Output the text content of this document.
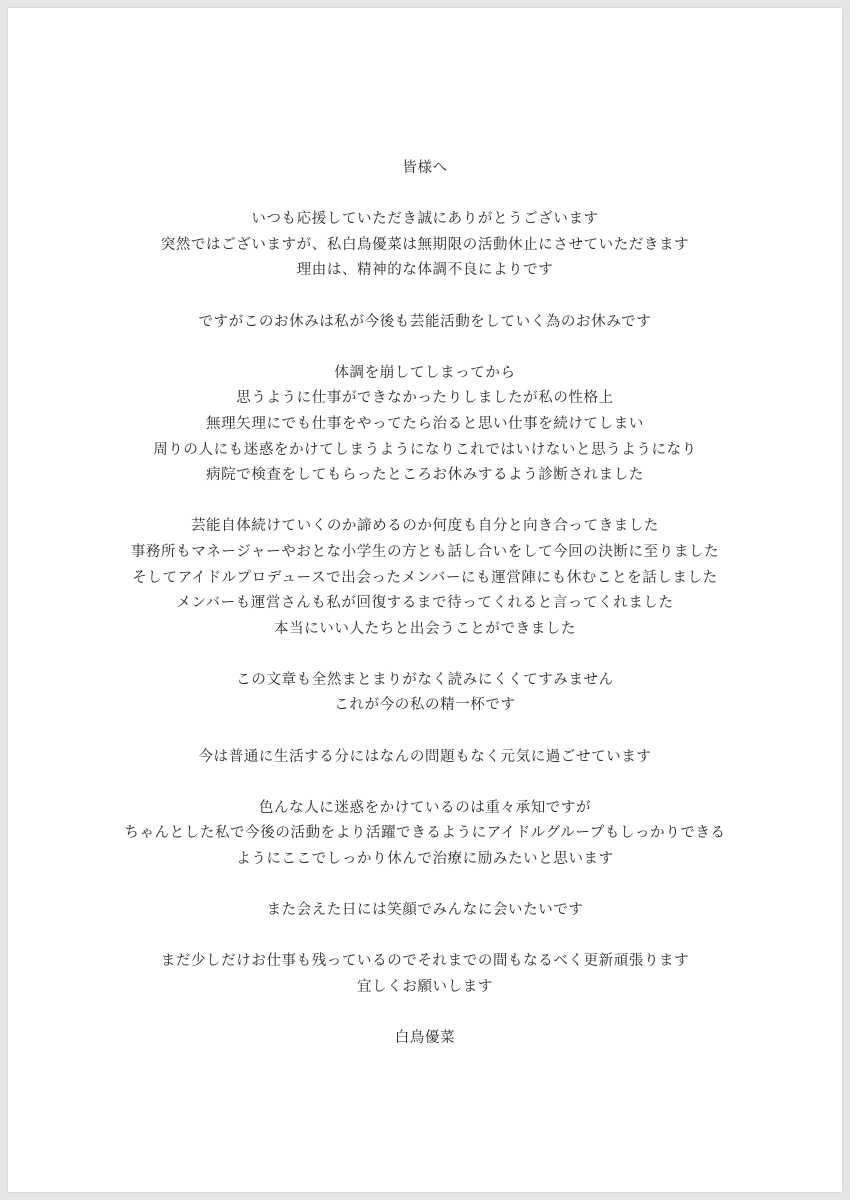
皆様へ
いつも応援していただき誠にありがとうございます
突然ではございますが、私白鳥優菜は無期限の活動休止にさせていただきます
理由は、精神的な体調不良によりです
ですがこのお休みは私が今後も芸能活動をしていく為のお休みです
体調を崩してしまってから
思うように仕事ができなかったりしましたが私の性格上
無理矢理にでも仕事をやってたら治ると思い仕事を続けてしまい
周りの人にも迷惑をかけてしまうようになりこれではいけないと思うようになり
病院で検査をしてもらったところお休みするよう診断されました
芸能自体続けていくのか諦めるのか何度も自分と向き合ってきました
事務所もマネージャーやおとな小学生の方とも話し合いをして今回の決断に至りました
そしてアイドルプロデュースで出会ったメンバーにも運営陣にも休むことを話しました
メンバーも運営さんも私が回復するまで待ってくれると言ってくれました
本当にいい人たちと出会うことができました
この文章も全然まとまりがなく読みにくくてすみません
これが今の私の精一杯です
今は普通に生活する分にはなんの問題もなく元気に過ごせています
色んな人に迷惑をかけているのは重々承知ですが
ちゃんとした私で今後の活動をより活躍できるようにアイドルグループもしっかりできる
ようにここでしっかり休んで治療に励みたいと思います
また会えた日には笑顔でみんなに会いたいです
まだ少しだけお仕事も残っているのでそれまでの間もなるべく更新頑張ります
宜しくお願いします
白鳥優菜
